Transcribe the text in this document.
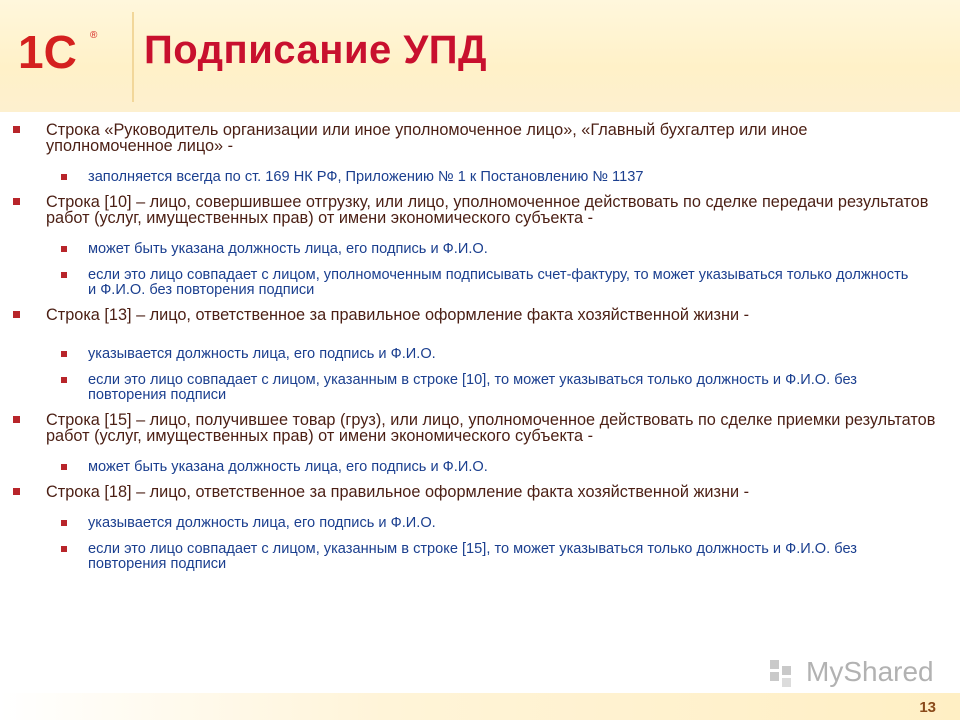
1С ® Подписание УПД
Строка «Руководитель организации или иное уполномоченное лицо», «Главный бухгалтер или иное уполномоченное лицо» -
заполняется всегда по ст. 169 НК РФ, Приложению № 1 к Постановлению № 1137
Строка [10] – лицо, совершившее отгрузку, или лицо, уполномоченное действовать по сделке передачи результатов работ (услуг, имущественных прав) от имени экономического субъекта -
может быть указана должность лица, его подпись и Ф.И.О.
если это лицо совпадает с лицом, уполномоченным подписывать счет-фактуру, то может указываться только должность и Ф.И.О. без повторения подписи
Строка [13] – лицо, ответственное за правильное оформление факта хозяйственной жизни -
указывается должность лица, его подпись и Ф.И.О.
если это лицо совпадает с лицом, указанным в строке [10], то может указываться только должность и Ф.И.О. без повторения подписи
Строка [15] – лицо, получившее товар (груз), или лицо, уполномоченное действовать по сделке приемки результатов работ (услуг, имущественных прав) от имени экономического субъекта -
может быть указана должность лица, его подпись и Ф.И.О.
Строка [18] – лицо, ответственное за правильное оформление факта хозяйственной жизни -
указывается должность лица, его подпись и Ф.И.О.
если это лицо совпадает с лицом, указанным в строке [15], то может указываться только должность и Ф.И.О. без повторения подписи
MyShared
13
